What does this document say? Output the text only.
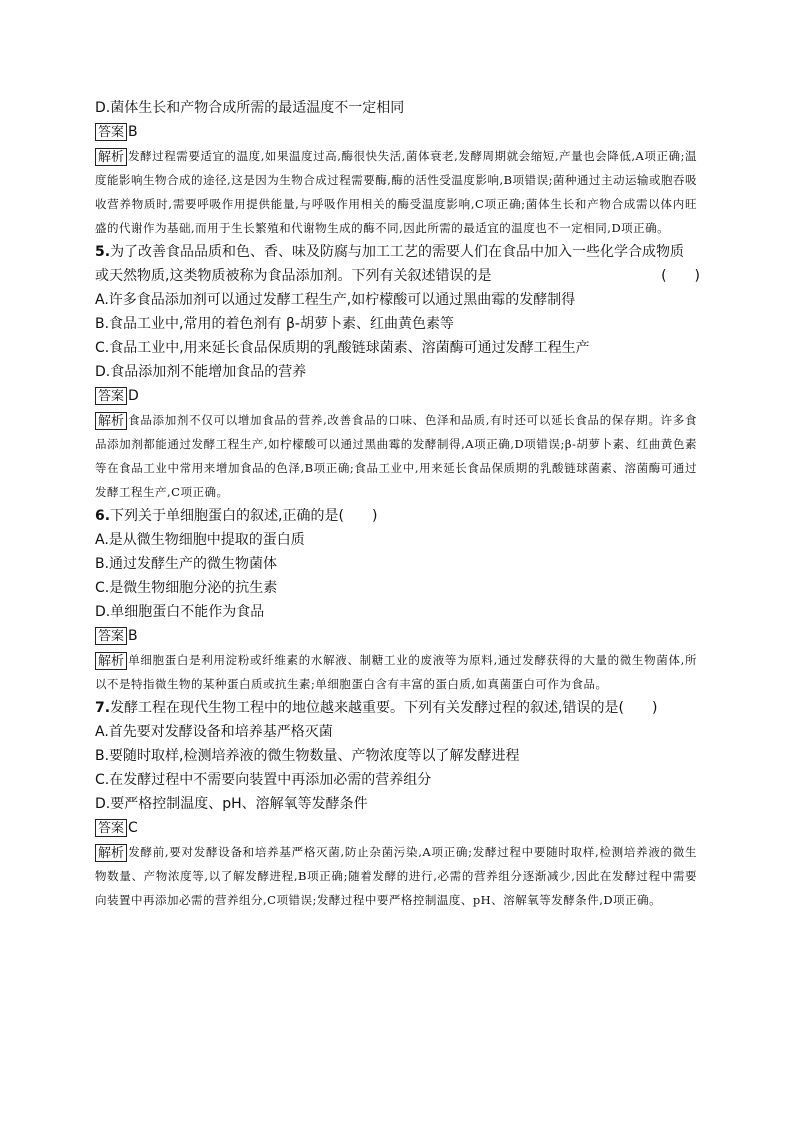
D.菌体生长和产物合成所需的最适温度不一定相同
答案 B
解析 发酵过程需要适宜的温度,如果温度过高,酶很快失活,菌体衰老,发酵周期就会缩短,产量也会降低,A项正确;温度能影响生物合成的途径,这是因为生物合成过程需要酶,酶的活性受温度影响,B项错误;菌种通过主动运输或胞吞吸收营养物质时,需要呼吸作用提供能量,与呼吸作用相关的酶受温度影响,C项正确;菌体生长和产物合成需以体内旺盛的代谢作为基础,而用于生长繁殖和代谢物生成的酶不同,因此所需的最适宜的温度也不一定相同,D项正确。
5.为了改善食品品质和色、香、味及防腐与加工工艺的需要人们在食品中加入一些化学合成物质
或天然物质,这类物质被称为食品添加剂。下列有关叙述错误的是	(　　)
A.许多食品添加剂可以通过发酵工程生产,如柠檬酸可以通过黑曲霉的发酵制得
B.食品工业中,常用的着色剂有 β-胡萝卜素、红曲黄色素等
C.食品工业中,用来延长食品保质期的乳酸链球菌素、溶菌酶可通过发酵工程生产
D.食品添加剂不能增加食品的营养
答案 D
解析 食品添加剂不仅可以增加食品的营养,改善食品的口味、色泽和品质,有时还可以延长食品的保存期。许多食品添加剂都能通过发酵工程生产,如柠檬酸可以通过黑曲霉的发酵制得,A项正确,D项错误;β-胡萝卜素、红曲黄色素等在食品工业中常用来增加食品的色泽,B项正确;食品工业中,用来延长食品保质期的乳酸链球菌素、溶菌酶可通过发酵工程生产,C项正确。
6.下列关于单细胞蛋白的叙述,正确的是(　　)
A.是从微生物细胞中提取的蛋白质
B.通过发酵生产的微生物菌体
C.是微生物细胞分泌的抗生素
D.单细胞蛋白不能作为食品
答案 B
解析 单细胞蛋白是利用淀粉或纤维素的水解液、制糖工业的废液等为原料,通过发酵获得的大量的微生物菌体,所以不是特指微生物的某种蛋白质或抗生素;单细胞蛋白含有丰富的蛋白质,如真菌蛋白可作为食品。
7.发酵工程在现代生物工程中的地位越来越重要。下列有关发酵过程的叙述,错误的是(　　)
A.首先要对发酵设备和培养基严格灭菌
B.要随时取样,检测培养液的微生物数量、产物浓度等以了解发酵进程
C.在发酵过程中不需要向装置中再添加必需的营养组分
D.要严格控制温度、pH、溶解氧等发酵条件
答案 C
解析 发酵前,要对发酵设备和培养基严格灭菌,防止杂菌污染,A项正确;发酵过程中要随时取样,检测培养液的微生物数量、产物浓度等,以了解发酵进程,B项正确;随着发酵的进行,必需的营养组分逐渐减少,因此在发酵过程中需要向装置中再添加必需的营养组分,C项错误;发酵过程中要严格控制温度、pH、溶解氧等发酵条件,D项正确。
